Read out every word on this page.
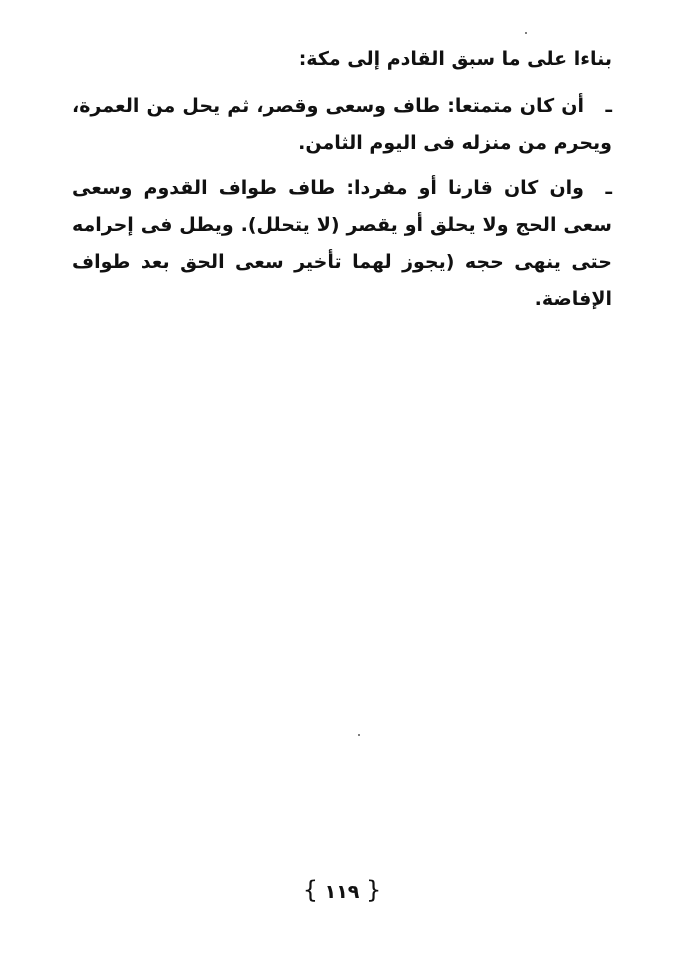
بناءا على ما سبق القادم إلى مكة:
ـأن كان متمتعا: طاف وسعى وقصر، ثم يحل من العمرة، ويحرم من منزله فى اليوم الثامن.
ـوان كان قارنا أو مفردا: طاف طواف القدوم وسعى سعى الحج ولا يحلق أو يقصر (لا يتحلل). ويطل فى إحرامه حتى ينهى حجه (يجوز لهما تأخير سعى الحق بعد طواف الإفاضة.
{ ١١٩ }
